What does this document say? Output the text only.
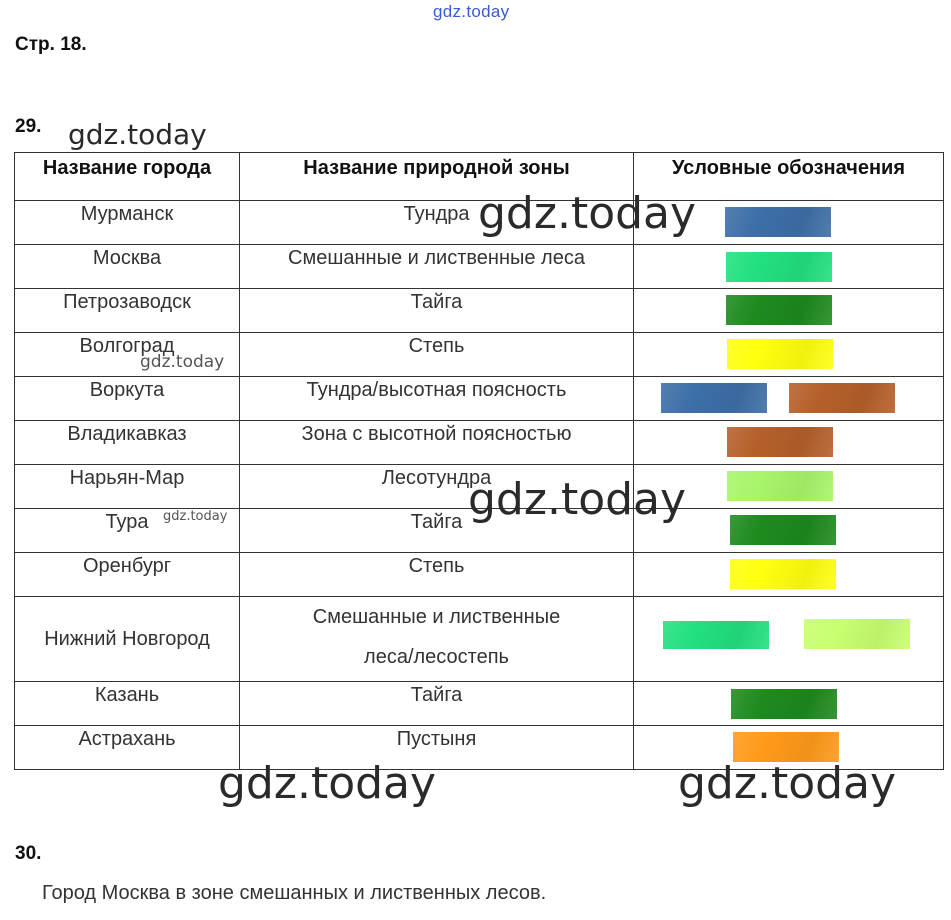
gdz.today
Стр. 18.
29. gdz.today
Название города	Название природной зоны	Условные обозначения
Мурманск	Тундра	

Москва	Смешанные и лиственные леса	

Петрозаводск	Тайга	

Волгоград	Степь	

Воркута	Тундра/высотная поясность	

Владикавказ	Зона с высотной поясностью	

Нарьян-Мар	Лесотундра	

Тура	Тайга	

Оренбург	Степь	

Нижний Новгород	Смешанные и лиственные
леса/лесостепь	

Казань	Тайга	

Астрахань	Пустыня	
gdz.today
gdz.today
gdz.today	gdz.today
gdz.today	gdz.today
30.
Город Москва в зоне смешанных и лиственных лесов.
